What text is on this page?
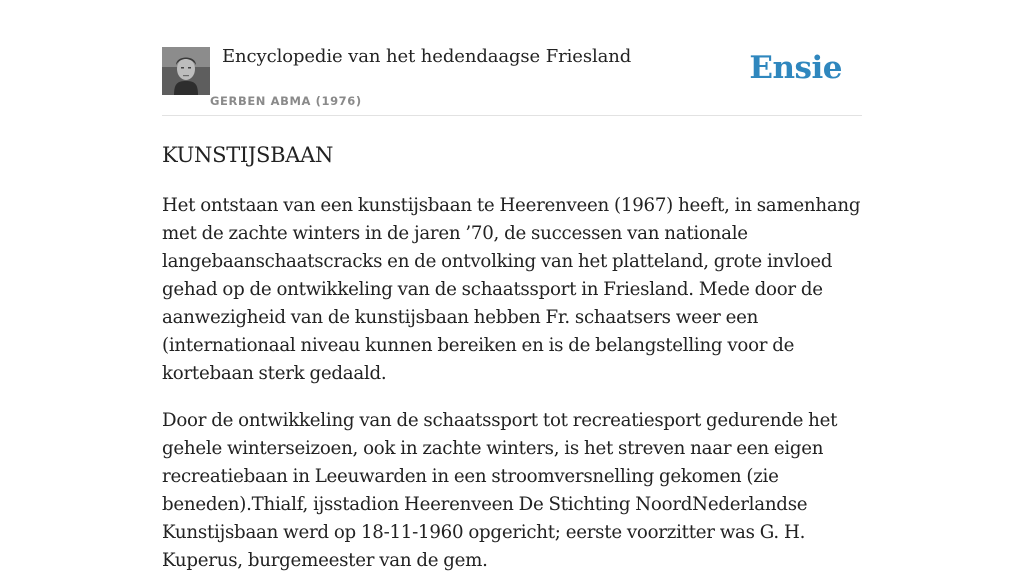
Encyclopedie van het hedendaagse Friesland
GERBEN ABMA (1976)
Ensie
KUNSTIJSBAAN

Het ontstaan van een kunstijsbaan te Heerenveen (1967) heeft, in samenhang met de zachte winters in de jaren ’70, de successen van nationale langebaanschaatscracks en de ontvolking van het platteland, grote invloed gehad op de ontwikkeling van de schaatssport in Friesland. Mede door de aanwezigheid van de kunstijsbaan hebben Fr. schaatsers weer een (internationaal niveau kunnen bereiken en is de belangstelling voor de kortebaan sterk gedaald.

Door de ontwikkeling van de schaatssport tot recreatiesport gedurende het gehele winterseizoen, ook in zachte winters, is het streven naar een eigen recreatiebaan in Leeuwarden in een stroomversnelling gekomen (zie beneden).Thialf, ijsstadion Heerenveen De Stichting NoordNederlandse Kunstijsbaan werd op 18-11-1960 opgericht; eerste voorzitter was G. H. Kuperus, burgemeester van de gem.
